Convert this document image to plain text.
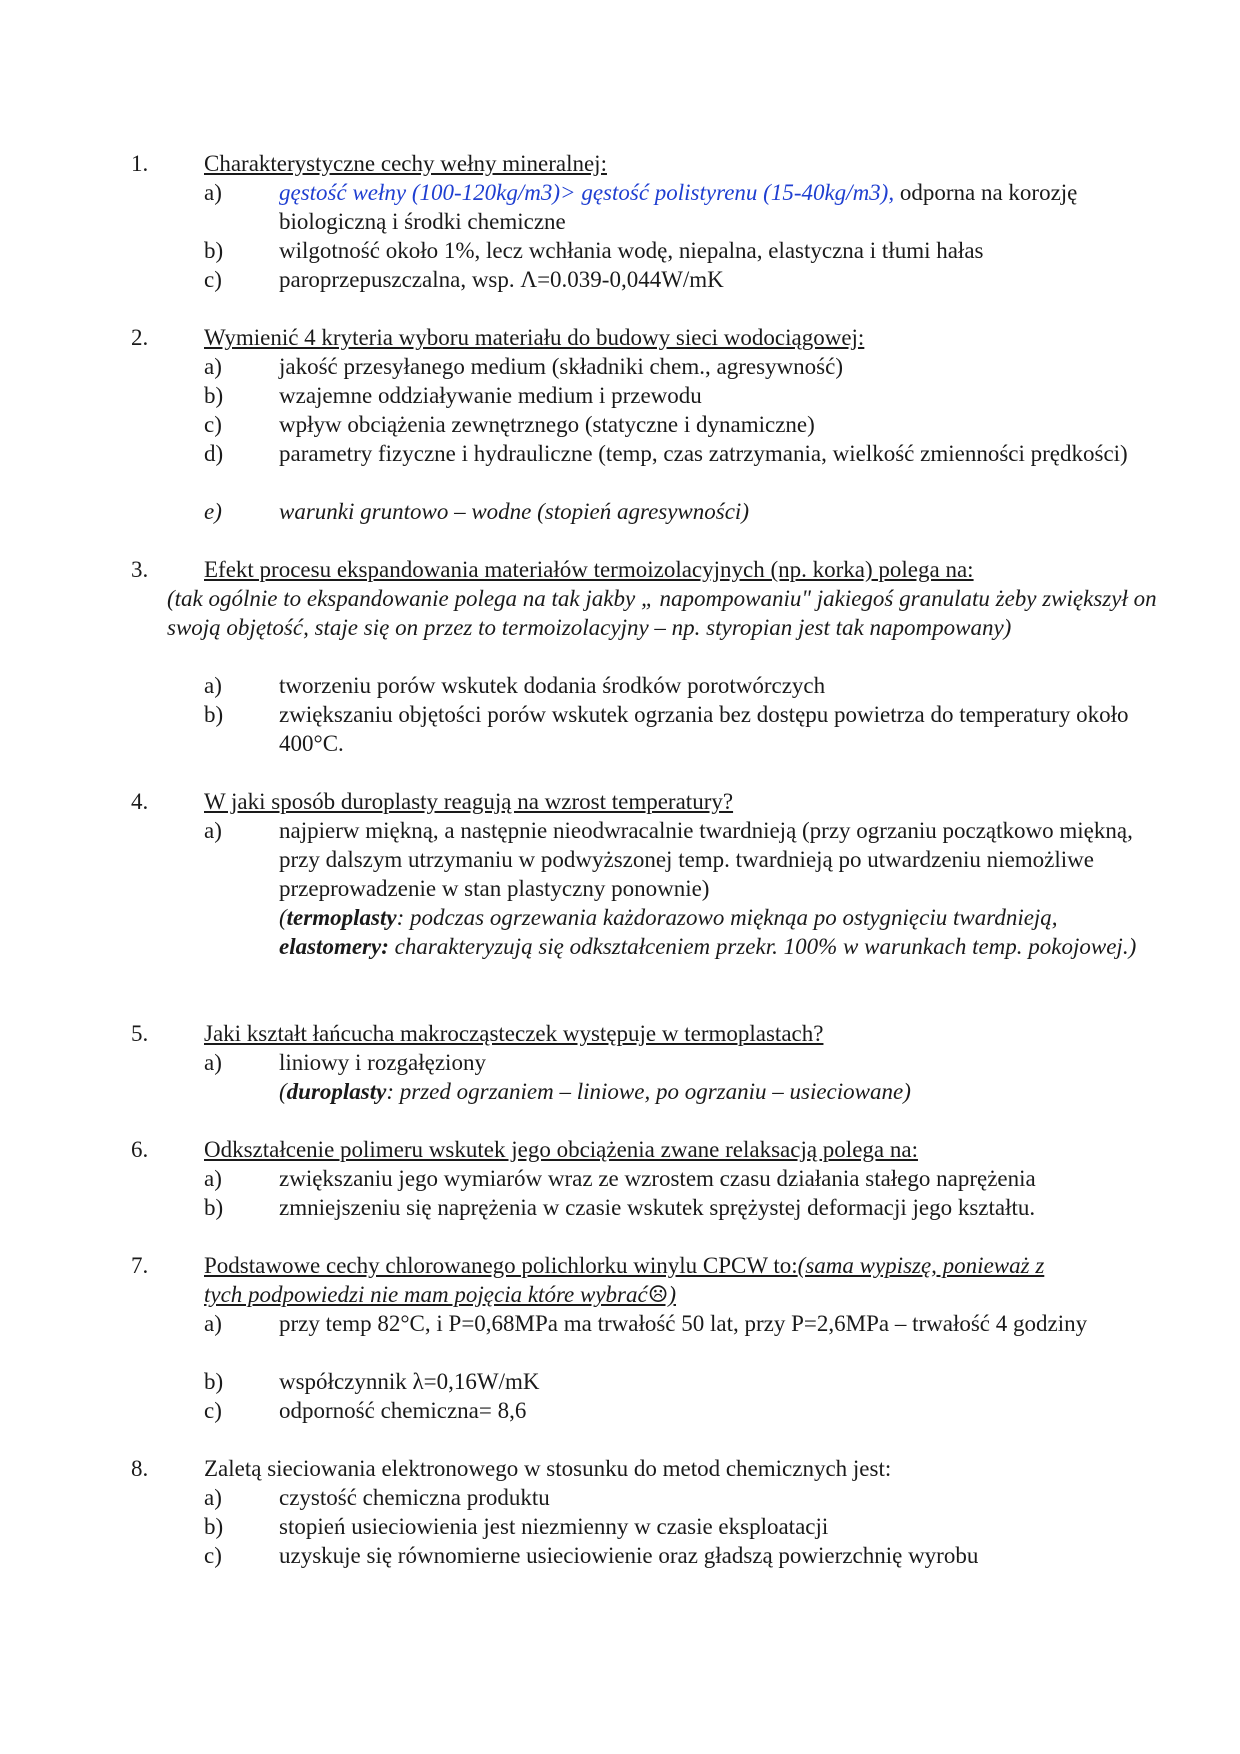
1. Charakterystyczne cechy wełny mineralnej:
a) gęstość wełny (100-120kg/m3)> gęstość polistyrenu (15-40kg/m3), odporna na korozję biologiczną i środki chemiczne
b) wilgotność około 1%, lecz wchłania wodę, niepalna, elastyczna i tłumi hałas
c) paroprzepuszczalna, wsp. Λ=0.039-0,044W/mK
2. Wymienić 4 kryteria wyboru materiału do budowy sieci wodociągowej:
a) jakość przesyłanego medium (składniki chem., agresywność)
b) wzajemne oddziaływanie medium i przewodu
c) wpływ obciążenia zewnętrznego (statyczne i dynamiczne)
d) parametry fizyczne i hydrauliczne (temp, czas zatrzymania, wielkość zmienności prędkości)
e) warunki gruntowo – wodne (stopień agresywności)
3. Efekt procesu ekspandowania materiałów termoizolacyjnych (np. korka) polega na:
(tak ogólnie to ekspandowanie polega na tak jakby „ napompowaniu" jakiegoś granulatu żeby zwiększył on swoją objętość, staje się on przez to termoizolacyjny – np. styropian jest tak napompowany)
a) tworzeniu porów wskutek dodania środków porotwórczych
b) zwiększaniu objętości porów wskutek ogrzania bez dostępu powietrza do temperatury około 400°C.
4. W jaki sposób duroplasty reagują na wzrost temperatury?
a) najpierw miękną, a następnie nieodwracalnie twardnieją (przy ogrzaniu początkowo miękną, przy dalszym utrzymaniu w podwyższonej temp. twardnieją po utwardzeniu niemożliwe przeprowadzenie w stan plastyczny ponownie)
(termoplasty: podczas ogrzewania każdorazowo mięknąa po ostygnięciu twardnieją, elastomery: charakteryzują się odkształceniem przekr. 100% w warunkach temp. pokojowej.)
5. Jaki kształt łańcucha makrocząsteczek występuje w termoplastach?
a) liniowy i rozgałęziony
(duroplasty: przed ogrzaniem – liniowe, po ogrzaniu – usieciowane)
6. Odkształcenie polimeru wskutek jego obciążenia zwane relaksacją polega na:
a) zwiększaniu jego wymiarów wraz ze wzrostem czasu działania stałego naprężenia
b) zmniejszeniu się naprężenia w czasie wskutek sprężystej deformacji jego kształtu.
7. Podstawowe cechy chlorowanego polichlorku winylu CPCW to:(sama wypiszę, ponieważ z
tych podpowiedzi nie mam pojęcia które wybrać☹)
a) przy temp 82°C, i P=0,68MPa ma trwałość 50 lat, przy P=2,6MPa – trwałość 4 godziny
b) współczynnik λ=0,16W/mK
c) odporność chemiczna= 8,6
8. Zaletą sieciowania elektronowego w stosunku do metod chemicznych jest:
a) czystość chemiczna produktu
b) stopień usieciowienia jest niezmienny w czasie eksploatacji
c) uzyskuje się równomierne usieciowienie oraz gładszą powierzchnię wyrobu
